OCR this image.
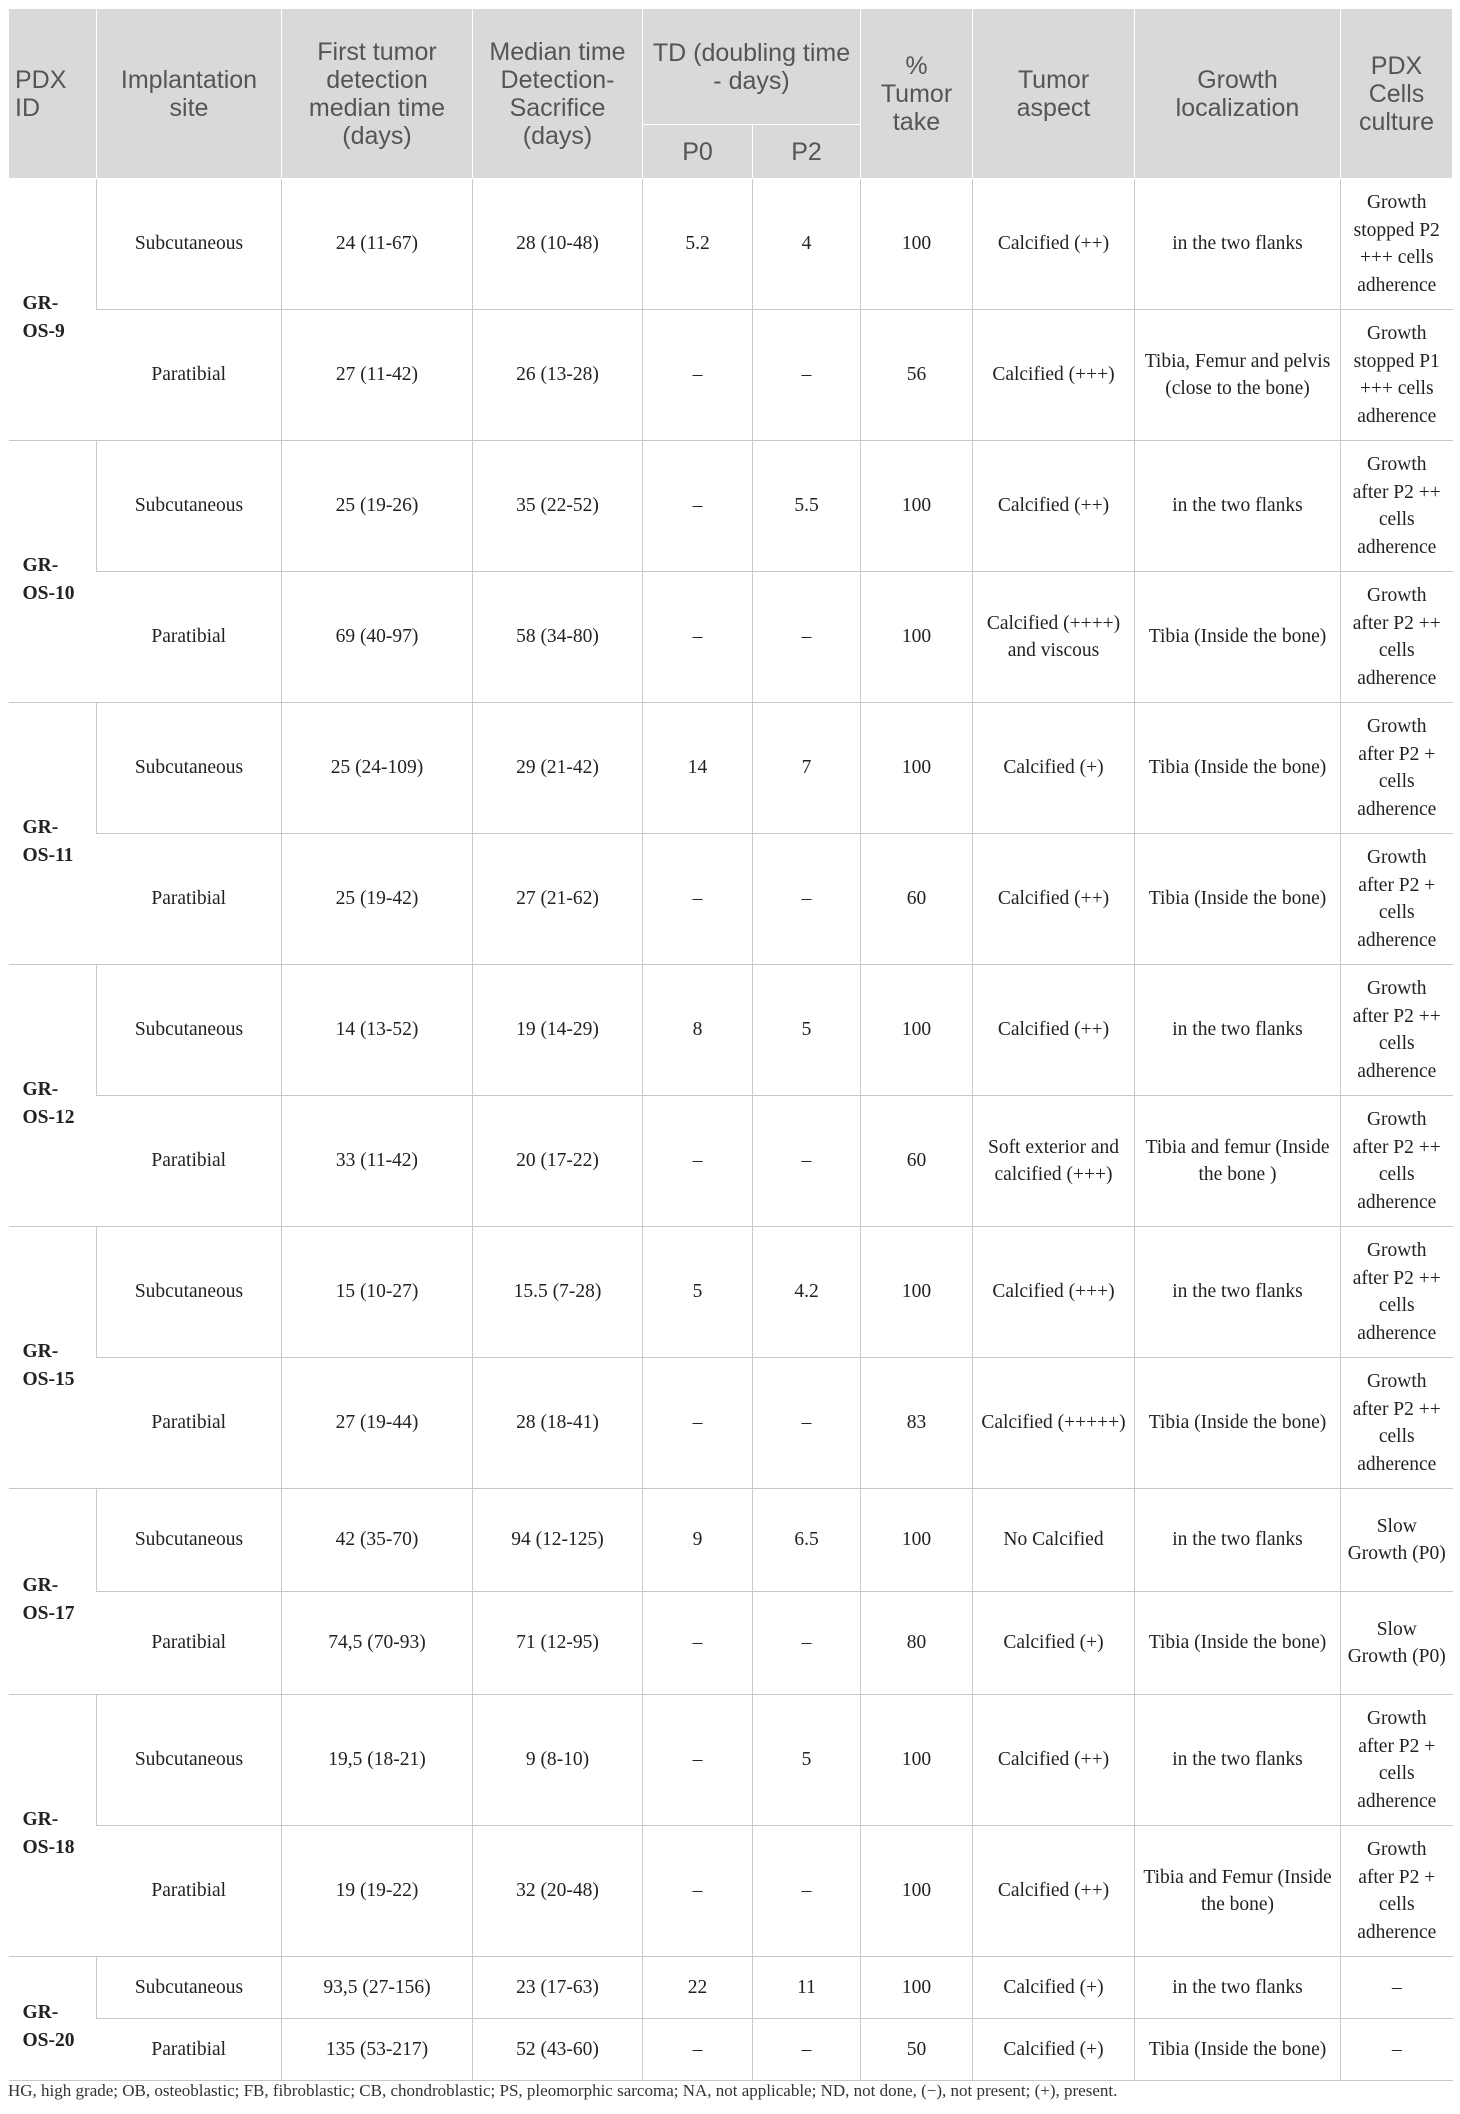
PDX ID	Implantation site	First tumor detection median time (days)	Median time Detection-Sacrifice (days)	TD (doubling time - days)		% Tumor take	Tumor aspect	Growth localization	PDX Cells culture
				P0	P2				
GR-OS-9	Subcutaneous	24 (11-67)	28 (10-48)	5.2	4	100	Calcified (++)	in the two flanks	Growth stopped P2 +++ cells adherence
	Paratibial	27 (11-42)	26 (13-28)	–	–	56	Calcified (+++)	Tibia, Femur and pelvis (close to the bone)	Growth stopped P1 +++ cells adherence
GR-OS-10	Subcutaneous	25 (19-26)	35 (22-52)	–	5.5	100	Calcified (++)	in the two flanks	Growth after P2 ++ cells adherence
	Paratibial	69 (40-97)	58 (34-80)	–	–	100	Calcified (++++) and viscous	Tibia (Inside the bone)	Growth after P2 ++ cells adherence
GR-OS-11	Subcutaneous	25 (24-109)	29 (21-42)	14	7	100	Calcified (+)	Tibia (Inside the bone)	Growth after P2 + cells adherence
	Paratibial	25 (19-42)	27 (21-62)	–	–	60	Calcified (++)	Tibia (Inside the bone)	Growth after P2 + cells adherence
GR-OS-12	Subcutaneous	14 (13-52)	19 (14-29)	8	5	100	Calcified (++)	in the two flanks	Growth after P2 ++ cells adherence
	Paratibial	33 (11-42)	20 (17-22)	–	–	60	Soft exterior and calcified (+++)	Tibia and femur (Inside the bone )	Growth after P2 ++ cells adherence
GR-OS-15	Subcutaneous	15 (10-27)	15.5 (7-28)	5	4.2	100	Calcified (+++)	in the two flanks	Growth after P2 ++ cells adherence
	Paratibial	27 (19-44)	28 (18-41)	–	–	83	Calcified (+++++)	Tibia (Inside the bone)	Growth after P2 ++ cells adherence
GR-OS-17	Subcutaneous	42 (35-70)	94 (12-125)	9	6.5	100	No Calcified	in the two flanks	Slow Growth (P0)
	Paratibial	74,5 (70-93)	71 (12-95)	–	–	80	Calcified (+)	Tibia (Inside the bone)	Slow Growth (P0)
GR-OS-18	Subcutaneous	19,5 (18-21)	9 (8-10)	–	5	100	Calcified (++)	in the two flanks	Growth after P2 + cells adherence
	Paratibial	19 (19-22)	32 (20-48)	–	–	100	Calcified (++)	Tibia and Femur (Inside the bone)	Growth after P2 + cells adherence
GR-OS-20	Subcutaneous	93,5 (27-156)	23 (17-63)	22	11	100	Calcified (+)	in the two flanks	–
	Paratibial	135 (53-217)	52 (43-60)	–	–	50	Calcified (+)	Tibia (Inside the bone)	–
HG, high grade; OB, osteoblastic; FB, fibroblastic; CB, chondroblastic; PS, pleomorphic sarcoma; NA, not applicable; ND, not done, (−), not present; (+), present.
